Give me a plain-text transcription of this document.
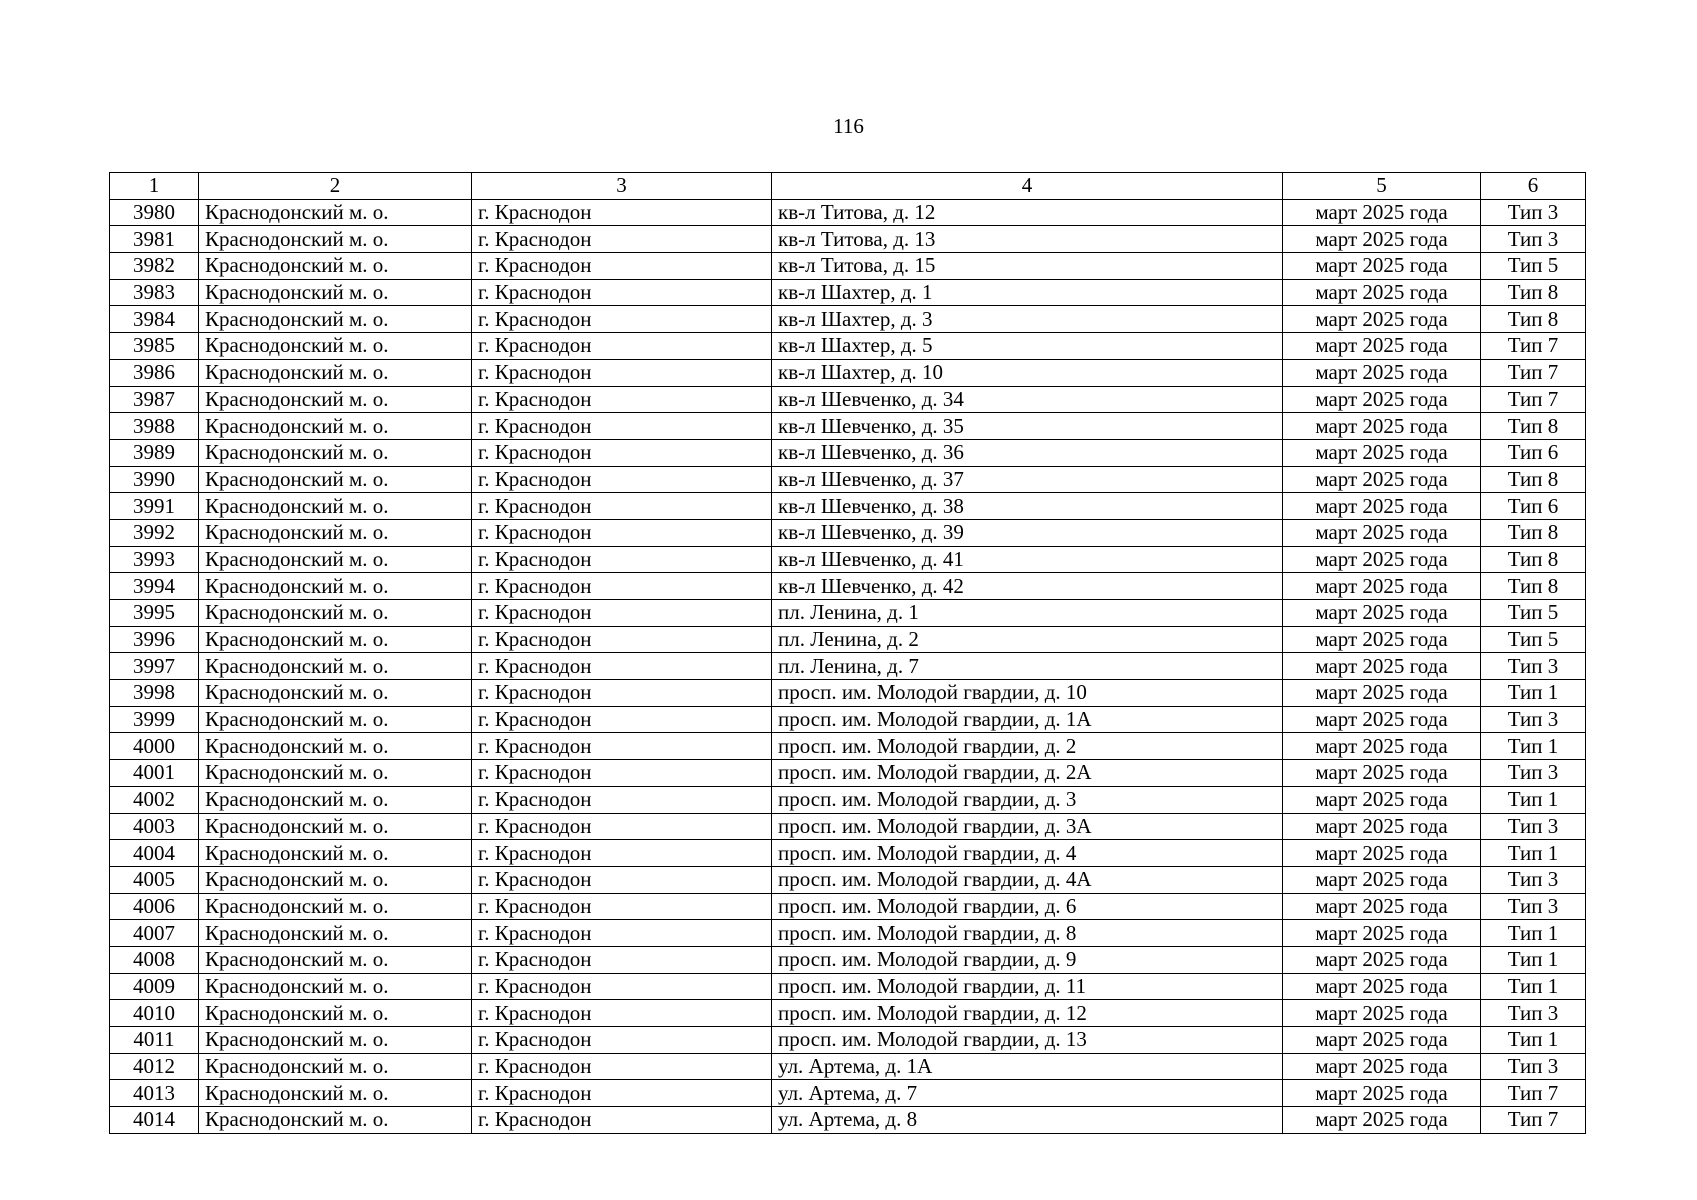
116
1	2	3	4	5	6
3980	Краснодонский м. о.	г. Краснодон	кв-л Титова, д. 12	март 2025 года	Тип 3
3981	Краснодонский м. о.	г. Краснодон	кв-л Титова, д. 13	март 2025 года	Тип 3
3982	Краснодонский м. о.	г. Краснодон	кв-л Титова, д. 15	март 2025 года	Тип 5
3983	Краснодонский м. о.	г. Краснодон	кв-л Шахтер, д. 1	март 2025 года	Тип 8
3984	Краснодонский м. о.	г. Краснодон	кв-л Шахтер, д. 3	март 2025 года	Тип 8
3985	Краснодонский м. о.	г. Краснодон	кв-л Шахтер, д. 5	март 2025 года	Тип 7
3986	Краснодонский м. о.	г. Краснодон	кв-л Шахтер, д. 10	март 2025 года	Тип 7
3987	Краснодонский м. о.	г. Краснодон	кв-л Шевченко, д. 34	март 2025 года	Тип 7
3988	Краснодонский м. о.	г. Краснодон	кв-л Шевченко, д. 35	март 2025 года	Тип 8
3989	Краснодонский м. о.	г. Краснодон	кв-л Шевченко, д. 36	март 2025 года	Тип 6
3990	Краснодонский м. о.	г. Краснодон	кв-л Шевченко, д. 37	март 2025 года	Тип 8
3991	Краснодонский м. о.	г. Краснодон	кв-л Шевченко, д. 38	март 2025 года	Тип 6
3992	Краснодонский м. о.	г. Краснодон	кв-л Шевченко, д. 39	март 2025 года	Тип 8
3993	Краснодонский м. о.	г. Краснодон	кв-л Шевченко, д. 41	март 2025 года	Тип 8
3994	Краснодонский м. о.	г. Краснодон	кв-л Шевченко, д. 42	март 2025 года	Тип 8
3995	Краснодонский м. о.	г. Краснодон	пл. Ленина, д. 1	март 2025 года	Тип 5
3996	Краснодонский м. о.	г. Краснодон	пл. Ленина, д. 2	март 2025 года	Тип 5
3997	Краснодонский м. о.	г. Краснодон	пл. Ленина, д. 7	март 2025 года	Тип 3
3998	Краснодонский м. о.	г. Краснодон	просп. им. Молодой гвардии, д. 10	март 2025 года	Тип 1
3999	Краснодонский м. о.	г. Краснодон	просп. им. Молодой гвардии, д. 1А	март 2025 года	Тип 3
4000	Краснодонский м. о.	г. Краснодон	просп. им. Молодой гвардии, д. 2	март 2025 года	Тип 1
4001	Краснодонский м. о.	г. Краснодон	просп. им. Молодой гвардии, д. 2А	март 2025 года	Тип 3
4002	Краснодонский м. о.	г. Краснодон	просп. им. Молодой гвардии, д. 3	март 2025 года	Тип 1
4003	Краснодонский м. о.	г. Краснодон	просп. им. Молодой гвардии, д. 3А	март 2025 года	Тип 3
4004	Краснодонский м. о.	г. Краснодон	просп. им. Молодой гвардии, д. 4	март 2025 года	Тип 1
4005	Краснодонский м. о.	г. Краснодон	просп. им. Молодой гвардии, д. 4А	март 2025 года	Тип 3
4006	Краснодонский м. о.	г. Краснодон	просп. им. Молодой гвардии, д. 6	март 2025 года	Тип 3
4007	Краснодонский м. о.	г. Краснодон	просп. им. Молодой гвардии, д. 8	март 2025 года	Тип 1
4008	Краснодонский м. о.	г. Краснодон	просп. им. Молодой гвардии, д. 9	март 2025 года	Тип 1
4009	Краснодонский м. о.	г. Краснодон	просп. им. Молодой гвардии, д. 11	март 2025 года	Тип 1
4010	Краснодонский м. о.	г. Краснодон	просп. им. Молодой гвардии, д. 12	март 2025 года	Тип 3
4011	Краснодонский м. о.	г. Краснодон	просп. им. Молодой гвардии, д. 13	март 2025 года	Тип 1
4012	Краснодонский м. о.	г. Краснодон	ул. Артема, д. 1А	март 2025 года	Тип 3
4013	Краснодонский м. о.	г. Краснодон	ул. Артема, д. 7	март 2025 года	Тип 7
4014	Краснодонский м. о.	г. Краснодон	ул. Артема, д. 8	март 2025 года	Тип 7
